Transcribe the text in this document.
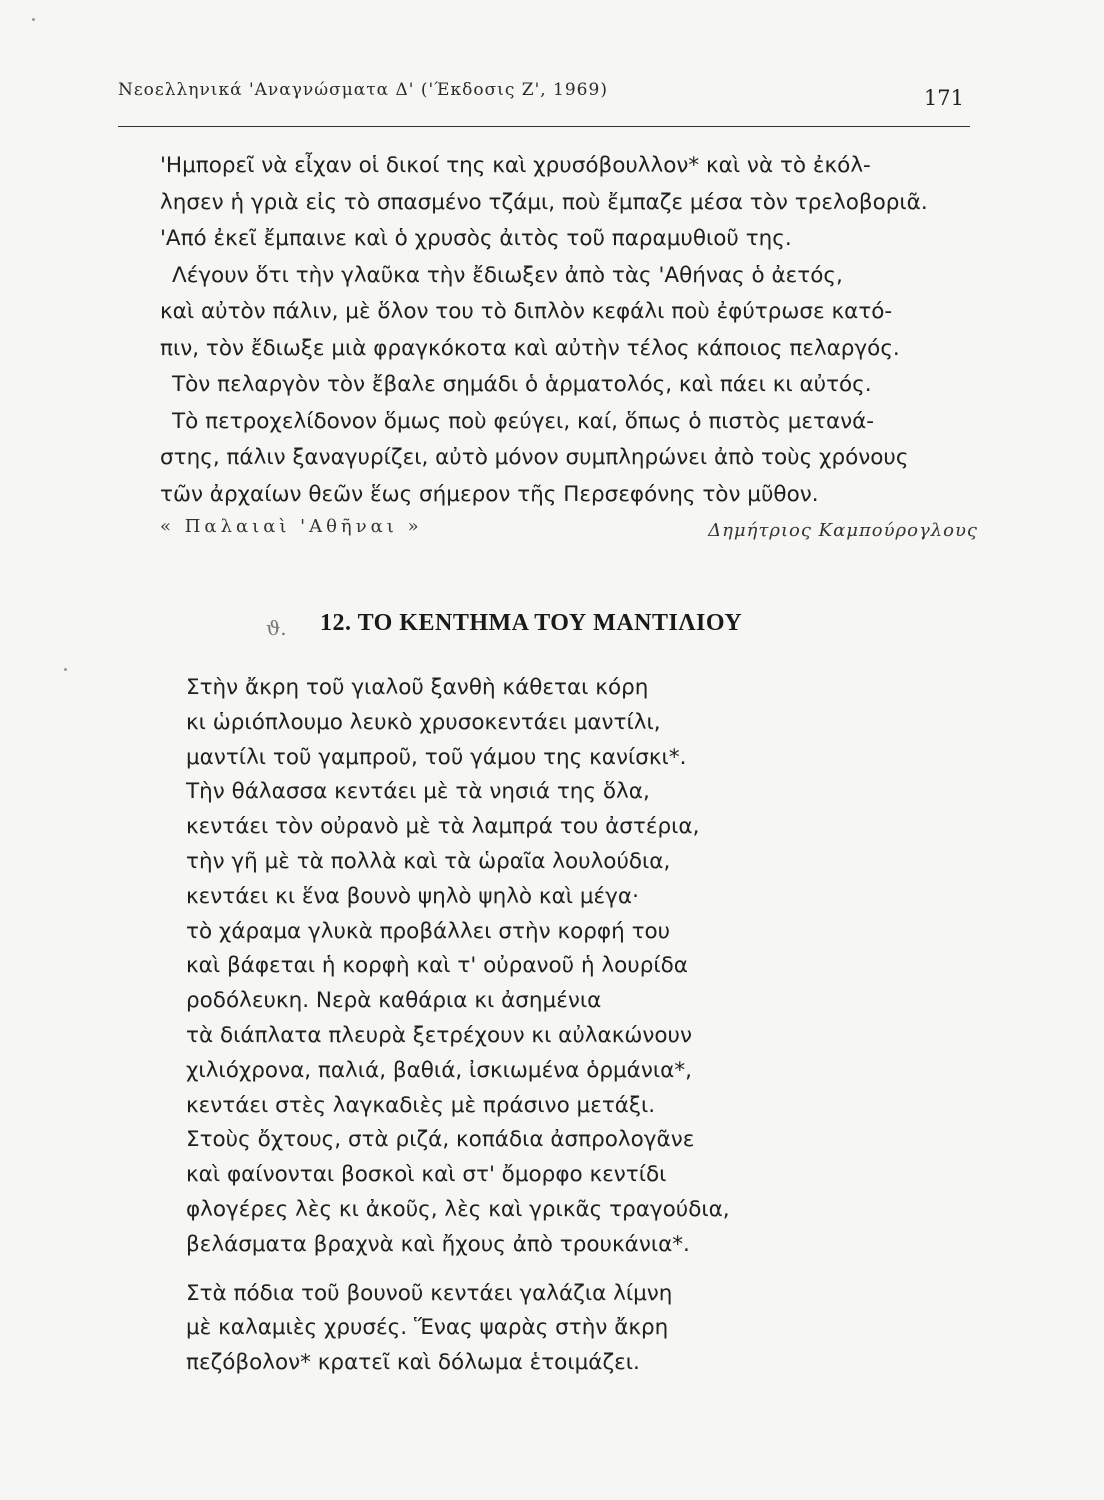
Νεοελληνικά 'Αναγνώσματα Δ' ('Έκδοσις Ζ', 1969)	171
'Ημπορεῖ νὰ εἶχαν οἱ δικοί της καὶ χρυσόβουλλον* καὶ νὰ τὸ ἐκόλ-
λησεν ἡ γριὰ εἰς τὸ σπασμένο τζάμι, ποὺ ἔμπαζε μέσα τὸν τρελοβοριᾶ.
'Από ἐκεῖ ἔμπαινε καὶ ὁ χρυσὸς ἀιτὸς τοῦ παραμυθιοῦ της.
Λέγουν ὅτι τὴν γλαῦκα τὴν ἔδιωξεν ἀπὸ τὰς 'Αθήνας ὁ ἀετός,
καὶ αὐτὸν πάλιν, μὲ ὅλον του τὸ διπλὸν κεφάλι ποὺ ἐφύτρωσε κατό-
πιν, τὸν ἔδιωξε μιὰ φραγκόκοτα καὶ αὐτὴν τέλος κάποιος πελαργός.
Τὸν πελαργὸν τὸν ἔβαλε σημάδι ὁ ἁρματολός, καὶ πάει κι αὐτός.
Τὸ πετροχελίδονον ὅμως ποὺ φεύγει, καί, ὅπως ὁ πιστὸς μετανά-
στης, πάλιν ξαναγυρίζει, αὐτὸ μόνον συμπληρώνει ἀπὸ τοὺς χρόνους
τῶν ἀρχαίων θεῶν ἕως σήμερον τῆς Περσεφόνης τὸν μῦθον.
« Παλαιαὶ 'Αθῆναι »	Δημήτριος Καμπούρογλους
ϑ. 12. ΤΟ ΚΕΝΤΗΜΑ ΤΟΥ ΜΑΝΤΙΛΙΟΥ
Στὴν ἄκρη τοῦ γιαλοῦ ξανθὴ κάθεται κόρη
κι ὡριόπλουμο λευκὸ χρυσοκεντάει μαντίλι,
μαντίλι τοῦ γαμπροῦ, τοῦ γάμου της κανίσκι*.
Τὴν θάλασσα κεντάει μὲ τὰ νησιά της ὅλα,
κεντάει τὸν οὐρανὸ μὲ τὰ λαμπρά του ἀστέρια,
τὴν γῆ μὲ τὰ πολλὰ καὶ τὰ ὡραῖα λουλούδια,
κεντάει κι ἕνα βουνὸ ψηλὸ ψηλὸ καὶ μέγα·
τὸ χάραμα γλυκὰ προβάλλει στὴν κορφή του
καὶ βάφεται ἡ κορφὴ καὶ τ' οὐρανοῦ ἡ λουρίδα
ροδόλευκη. Νερὰ καθάρια κι ἀσημένια
τὰ διάπλατα πλευρὰ ξετρέχουν κι αὐλακώνουν
χιλιόχρονα, παλιά, βαθιά, ἰσκιωμένα ὁρμάνια*,
κεντάει στὲς λαγκαδιὲς μὲ πράσινο μετάξι.
Στοὺς ὄχτους, στὰ ριζά, κοπάδια ἀσπρολογᾶνε
καὶ φαίνονται βοσκοὶ καὶ στ' ὄμορφο κεντίδι
φλογέρες λὲς κι ἀκοῦς, λὲς καὶ γρικᾶς τραγούδια,
βελάσματα βραχνὰ καὶ ἤχους ἀπὸ τρουκάνια*.
Στὰ πόδια τοῦ βουνοῦ κεντάει γαλάζια λίμνη
μὲ καλαμιὲς χρυσές. Ἕνας ψαρὰς στὴν ἄκρη
πεζόβολον* κρατεῖ καὶ δόλωμα ἑτοιμάζει.
